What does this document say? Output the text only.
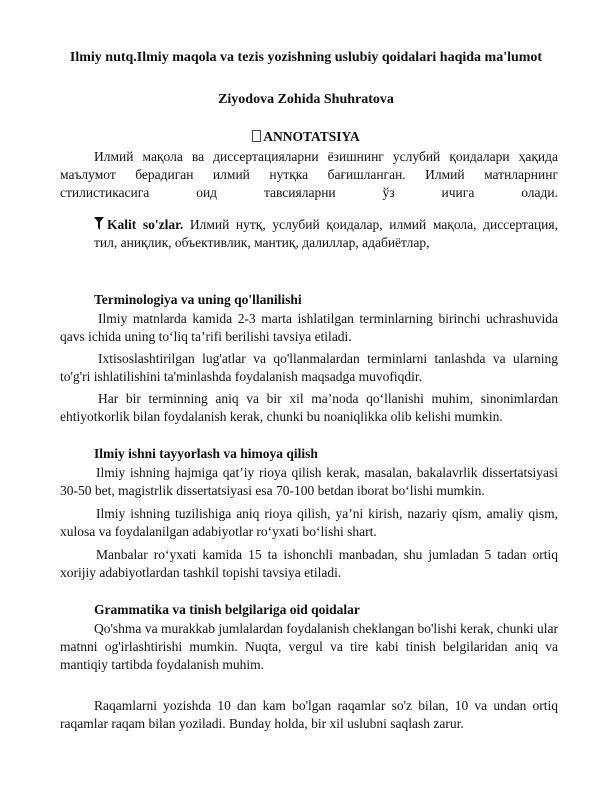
Ilmiy nutq.Ilmiy maqola va tezis yozishning uslubiy qoidalari haqida ma'lumot
Ziyodova Zohida Shuhratova
ANNOTATSIYA

Илмий мақола ва диссертацияларни ёзишнинг услубий қоидалари ҳақида маълумот берадиган илмий нутқка бағишланган. Илмий матнларнинг

стилистикасига оид тавсияларни ўз ичига олади.

Kalit so'zlar. Илмий нутқ, услубий қоидалар, илмий мақола, диссертация, тил, аниқлик, объективлик, мантиқ, далиллар, адабиётлар,

Terminologiya va uning qo'llanilishi

Ilmiy matnlarda kamida 2-3 marta ishlatilgan terminlarning birinchi uchrashuvida qavs ichida uning toʻliq taʼrifi berilishi tavsiya etiladi.

Ixtisoslashtirilgan lug'atlar va qo'llanmalardan terminlarni tanlashda va ularning to'g'ri ishlatilishini ta'minlashda foydalanish maqsadga muvofiqdir.

Har bir terminning aniq va bir xil maʼnoda qoʻllanishi muhim, sinonimlardan ehtiyotkorlik bilan foydalanish kerak, chunki bu noaniqlikka olib kelishi mumkin.

Ilmiy ishni tayyorlash va himoya qilish

Ilmiy ishning hajmiga qatʼiy rioya qilish kerak, masalan, bakalavrlik dissertatsiyasi 30-50 bet, magistrlik dissertatsiyasi esa 70-100 betdan iborat boʻlishi mumkin.

Ilmiy ishning tuzilishiga aniq rioya qilish, yaʼni kirish, nazariy qism, amaliy qism, xulosa va foydalanilgan adabiyotlar roʻyxati boʻlishi shart.

Manbalar roʻyxati kamida 15 ta ishonchli manbadan, shu jumladan 5 tadan ortiq xorijiy adabiyotlardan tashkil topishi tavsiya etiladi.

Grammatika va tinish belgilariga oid qoidalar

Qo'shma va murakkab jumlalardan foydalanish cheklangan bo'lishi kerak, chunki ular matnni og'irlashtirishi mumkin. Nuqta, vergul va tire kabi tinish belgilaridan aniq va mantiqiy tartibda foydalanish muhim.

Raqamlarni yozishda 10 dan kam bo'lgan raqamlar so'z bilan, 10 va undan ortiq raqamlar raqam bilan yoziladi. Bunday holda, bir xil uslubni saqlash zarur.
